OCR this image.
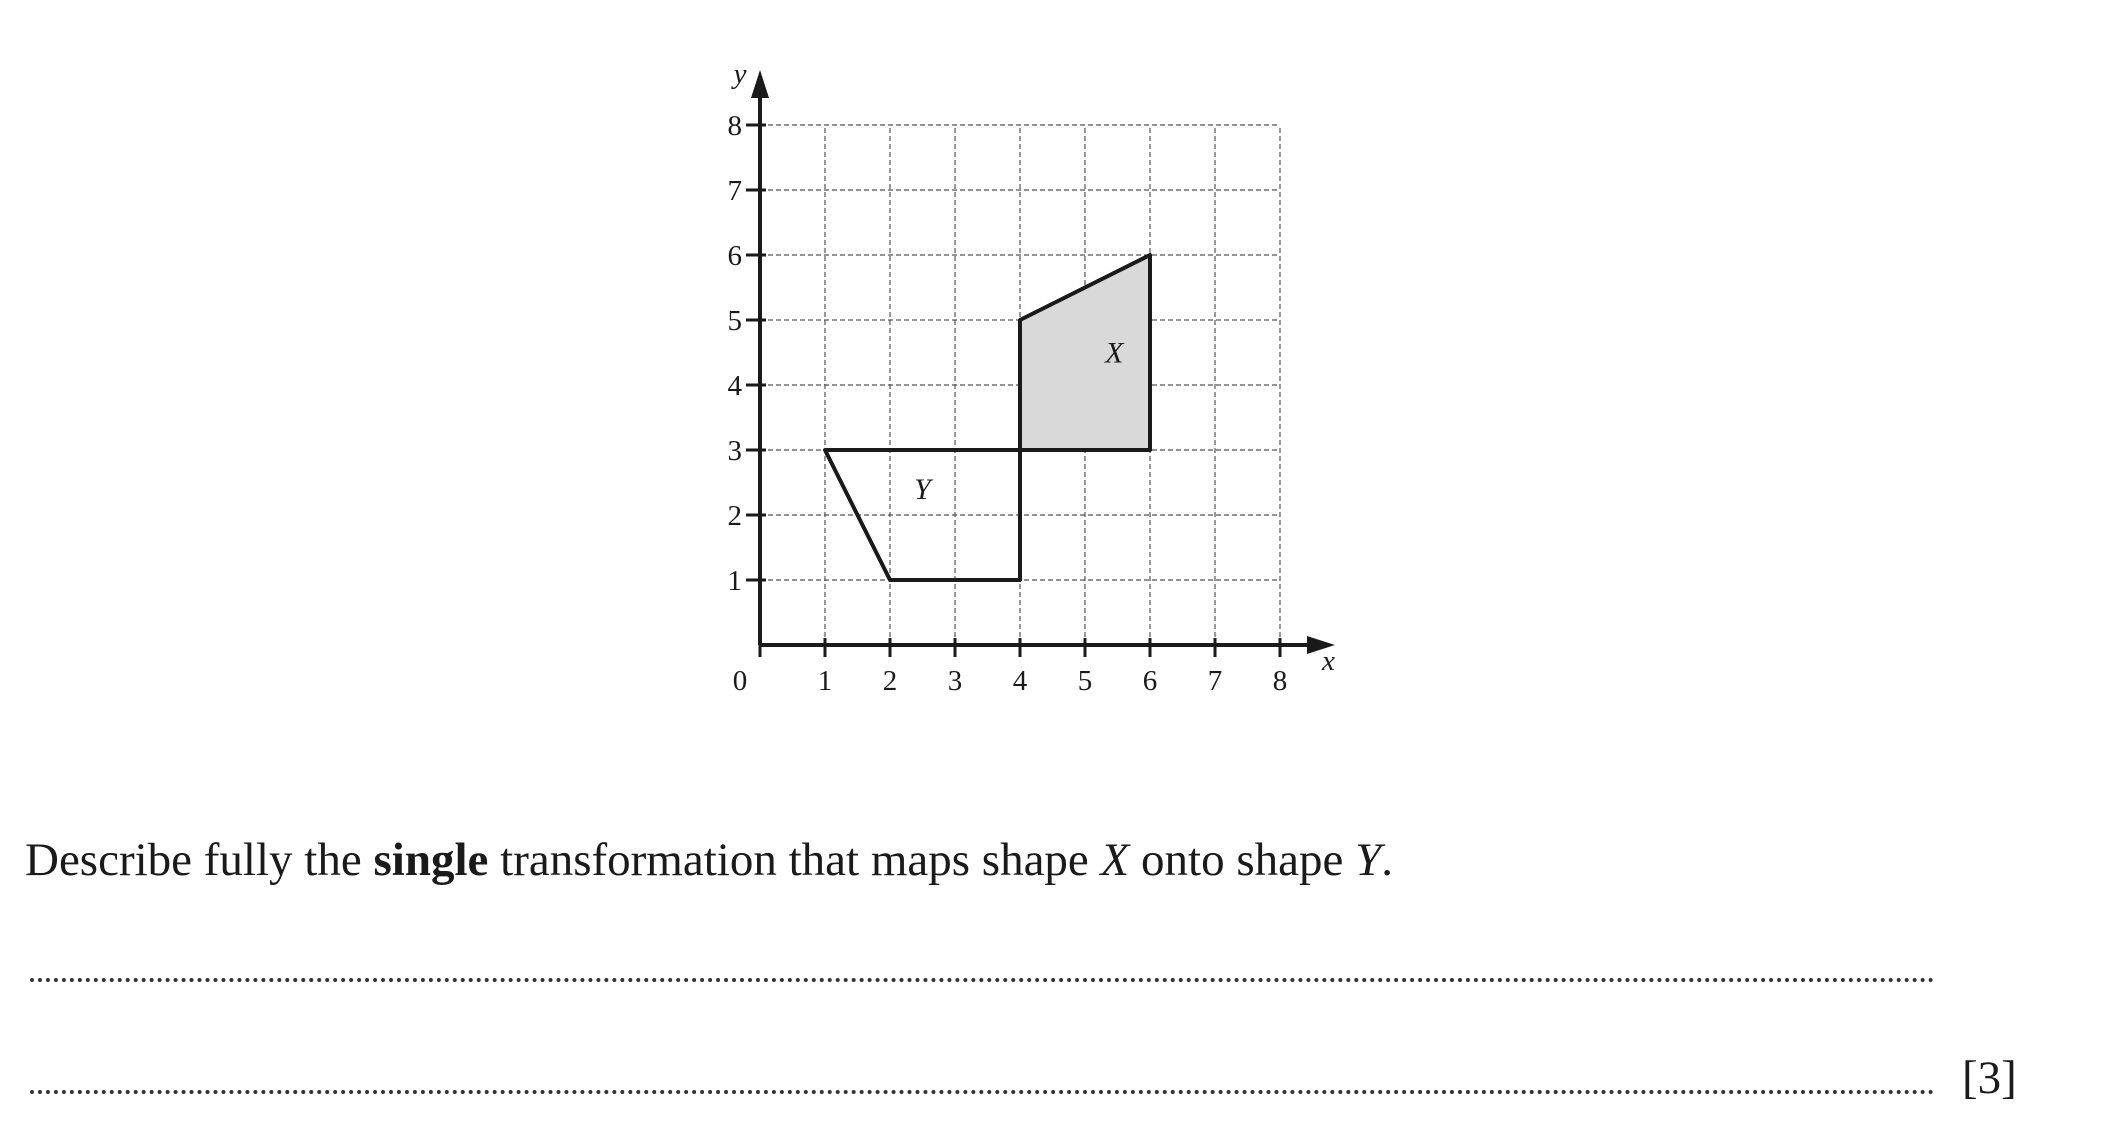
X
Y
1 2 3 4 5 6 7 8
1
2
3
4
5
6
7
8
0
x
y
Describe fully the single transformation that maps shape X onto shape Y.
[3]
